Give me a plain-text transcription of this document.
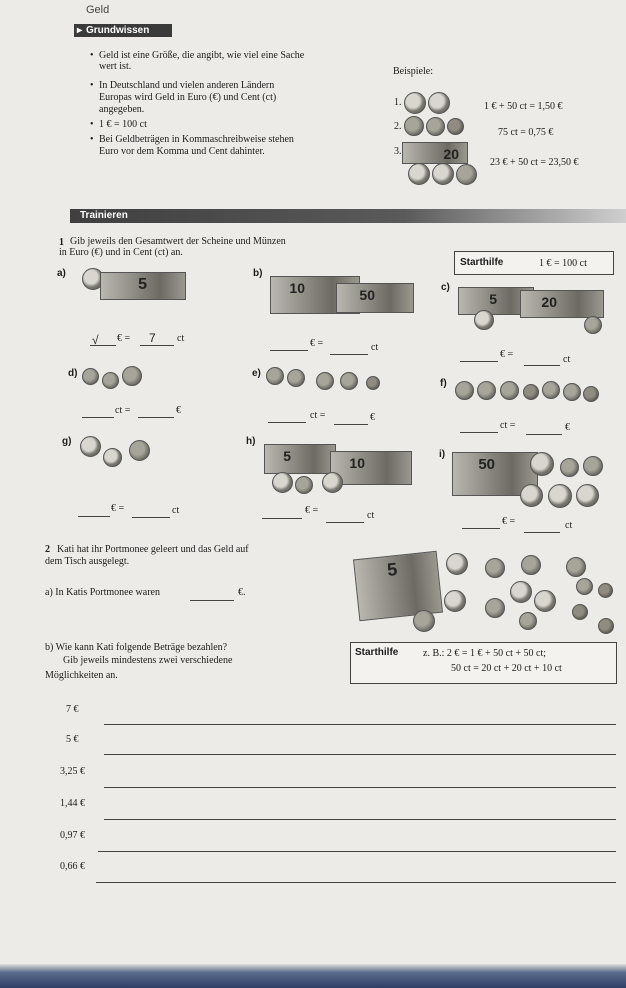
Geld
▸ Grundwissen
• Geld ist eine Größe, die angibt, wie viel eine Sache
wert ist.
• In Deutschland und vielen anderen Ländern
Europas wird Geld in Euro (€) und Cent (ct)
angegeben.
• 1 € = 100 ct
• Bei Geldbeträgen in Kommaschreibweise stehen
Euro vor dem Komma und Cent dahinter.
Beispiele:
1.	1 € + 50 ct = 1,50 €
2.
75 ct = 0,75 €
3.	20
23 € + 50 ct = 23,50 €
Trainieren
1 Gib jeweils den Gesamtwert der Scheine und Münzen
in Euro (€) und in Cent (ct) an.
Starthilfe	1 € = 100 ct
a)
5
√ € = 7 ct
b)
10	50
€ =	ct
c)
5	20
€ =	ct
d)
ct =	€
e)
ct =	€
f)
ct =	€
g)
€ =	ct
h)
5	10
€ =	ct
i)
50
€ =	ct
2 Kati hat ihr Portmonee geleert und das Geld auf
dem Tisch ausgelegt.
a) In Katis Portmonee waren	€.
5
b) Wie kann Kati folgende Beträge bezahlen?
Gib jeweils mindestens zwei verschiedene
Möglichkeiten an.
Starthilfe z. B.: 2 € = 1 € + 50 ct + 50 ct;
50 ct = 20 ct + 20 ct + 10 ct
7 €
5 €
3,25 €
1,44 €
0,97 €
0,66 €
